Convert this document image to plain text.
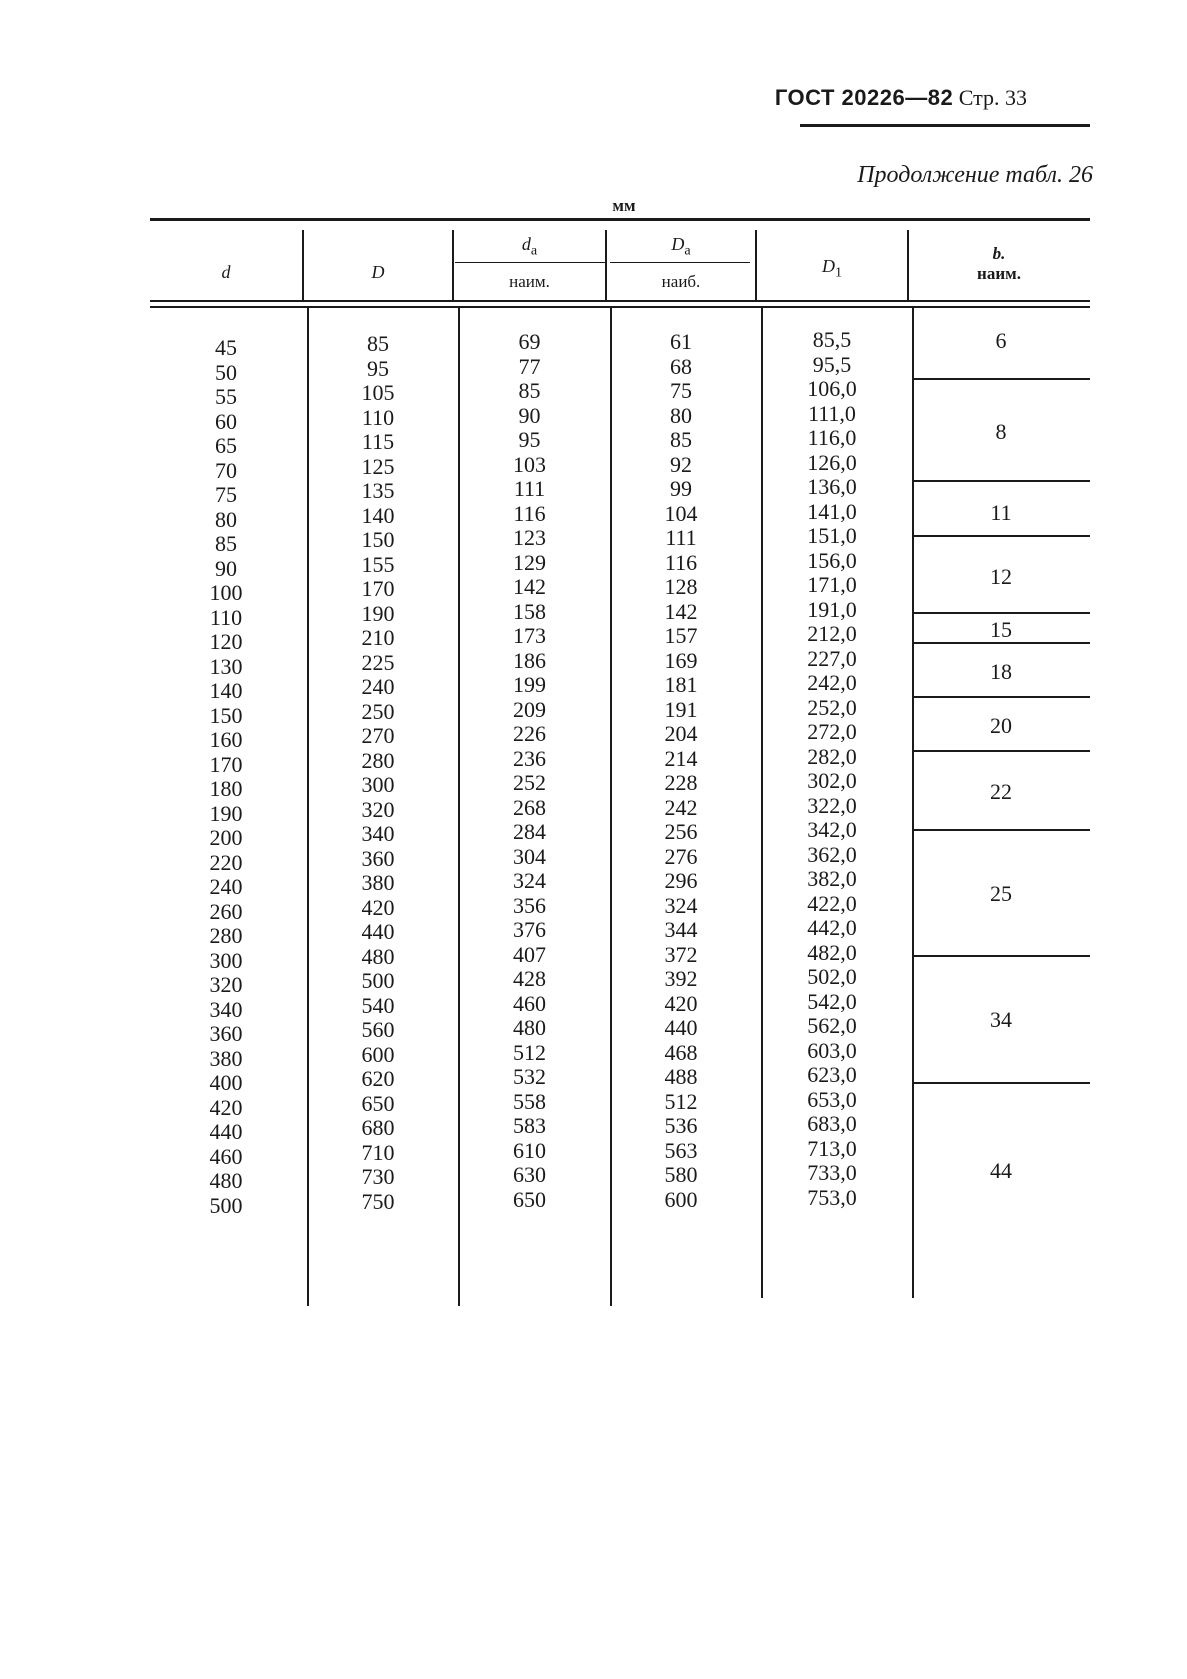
ГОСТ 20226—82 Стр. 33
Продолжение табл. 26
мм
d	D
$d_a$
наим.
$D_a$
наиб.
$D_1$
b.
наим.
45
50
55
60
65
70
75
80
85
90
100
110
120
130
140
150
160
170
180
190
200
220
240
260
280
300
320
340
360
380
400
420
440
460
480
500
85
95
105
110
115
125
135
140
150
155
170
190
210
225
240
250
270
280
300
320
340
360
380
420
440
480
500
540
560
600
620
650
680
710
730
750
69
77
85
90
95
103
111
116
123
129
142
158
173
186
199
209
226
236
252
268
284
304
324
356
376
407
428
460
480
512
532
558
583
610
630
650
61
68
75
80
85
92
99
104
111
116
128
142
157
169
181
191
204
214
228
242
256
276
296
324
344
372
392
420
440
468
488
512
536
563
580
600
85,5
95,5
106,0
111,0
116,0
126,0
136,0
141,0
151,0
156,0
171,0
191,0
212,0
227,0
242,0
252,0
272,0
282,0
302,0
322,0
342,0
362,0
382,0
422,0
442,0
482,0
502,0
542,0
562,0
603,0
623,0
653,0
683,0
713,0
733,0
753,0
6
8
11
12
15
18
20
22
25
34
44
